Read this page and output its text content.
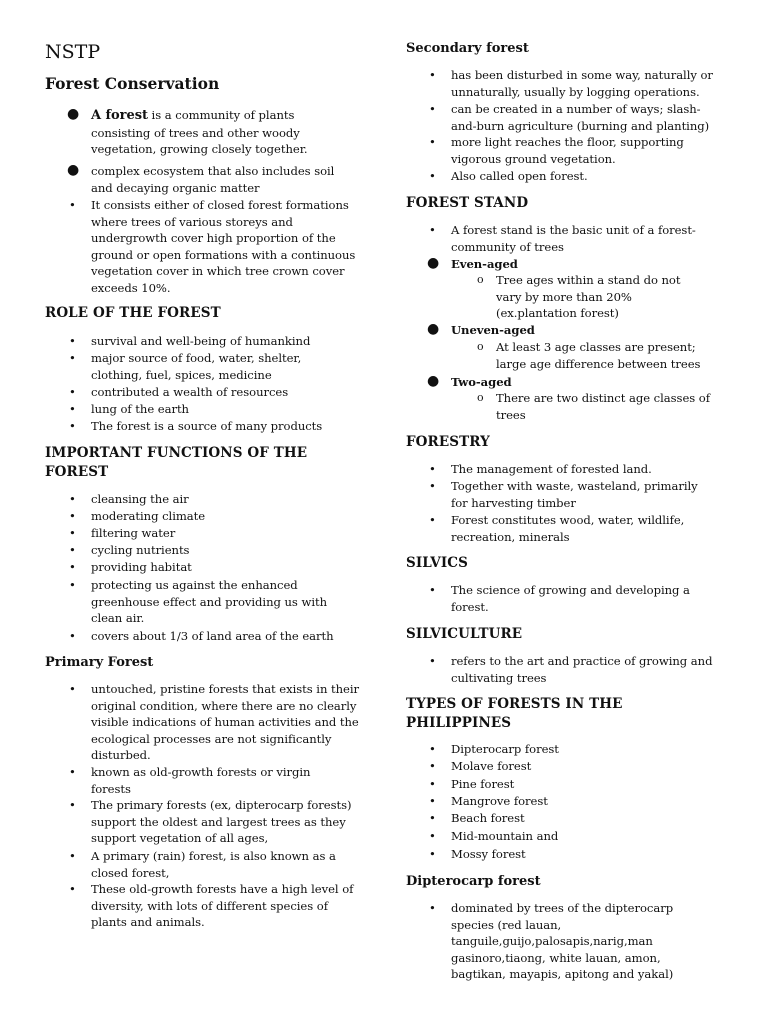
NSTP
Forest Conservation
● A forest is a community of plants consisting of trees and other woody vegetation, growing closely together.
● complex ecosystem that also includes soil and decaying organic matter
• It consists either of closed forest formations where trees of various storeys and undergrowth cover high proportion of the ground or open formations with a continuous vegetation cover in which tree crown cover exceeds 10%.
ROLE OF THE FOREST
• survival and well-being of humankind
• major source of food, water, shelter, clothing, fuel, spices, medicine
• contributed a wealth of resources
• lung of the earth
• The forest is a source of many products
IMPORTANT FUNCTIONS OF THE FOREST
• cleansing the air
• moderating climate
• filtering water
• cycling nutrients
• providing habitat
• protecting us against the enhanced greenhouse effect and providing us with clean air.
• covers about 1/3 of land area of the earth
Primary Forest
• untouched, pristine forests that exists in their original condition, where there are no clearly visible indications of human activities and the ecological processes are not significantly disturbed.
• known as old-growth forests or virgin forests
• The primary forests (ex, dipterocarp forests) support the oldest and largest trees as they support vegetation of all ages,
• A primary (rain) forest, is also known as a closed forest,
• These old-growth forests have a high level of diversity, with lots of different species of plants and animals.
Secondary forest
• has been disturbed in some way, naturally or unnaturally, usually by logging operations.
• can be created in a number of ways; slash-and-burn agriculture (burning and planting)
• more light reaches the floor, supporting vigorous ground vegetation.
• Also called open forest.
FOREST STAND
• A forest stand is the basic unit of a forest-community of trees
● Even-aged
o Tree ages within a stand do not vary by more than 20% (ex.plantation forest)
● Uneven-aged
o At least 3 age classes are present; large age difference between trees
● Two-aged
o There are two distinct age classes of trees
FORESTRY
• The management of forested land.
• Together with waste, wasteland, primarily for harvesting timber
• Forest constitutes wood, water, wildlife, recreation, minerals
SILVICS
• The science of growing and developing a forest.
SILVICULTURE
• refers to the art and practice of growing and cultivating trees
TYPES OF FORESTS IN THE PHILIPPINES
• Dipterocarp forest
• Molave forest
• Pine forest
• Mangrove forest
• Beach forest
• Mid-mountain and
• Mossy forest
Dipterocarp forest
• dominated by trees of the dipterocarp species (red lauan, tanguile,guijo,palosapis,narig,man gasinoro,tiaong, white lauan, amon, bagtikan, mayapis, apitong and yakal)
